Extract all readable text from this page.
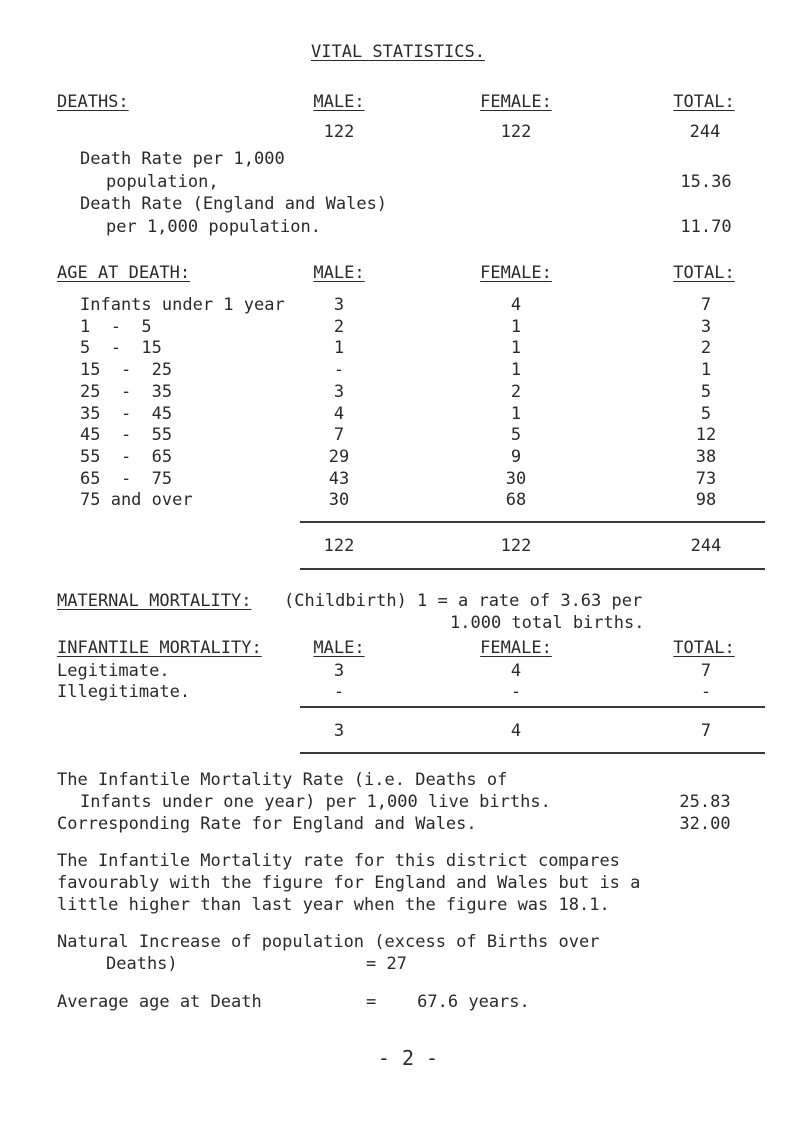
VITAL STATISTICS.
DEATHS:	MALE:	FEMALE:	TOTAL:
122	122	244
Death Rate per 1,000
population,	15.36
Death Rate (England and Wales)
per 1,000 population.	11.70
AGE AT DEATH:	MALE:	FEMALE:	TOTAL:
Infants under 1 year	3	4	7
1  -  5	2	1	3
5  -  15	1	1	2
15  -  25	-	1	1
25  -  35	3	2	5
35  -  45	4	1	5
45  -  55	7	5	12
55  -  65	29	9	38
65  -  75	43	30	73
75 and over	30	68	98
122	122	244
MATERNAL MORTALITY: (Childbirth) 1 = a rate of 3.63 per
1.000 total births.
INFANTILE MORTALITY:	MALE:	FEMALE:	TOTAL:
Legitimate.	3	4	7
Illegitimate.	-	-	-
3	4	7
The Infantile Mortality Rate (i.e. Deaths of
Infants under one year) per 1,000 live births.	25.83
Corresponding Rate for England and Wales.	32.00
The Infantile Mortality rate for this district compares
favourably with the figure for England and Wales but is a
little higher than last year when the figure was 18.1.
Natural Increase of population (excess of Births over
Deaths)	= 27
Average age at Death	=    67.6 years.
- 2 -
